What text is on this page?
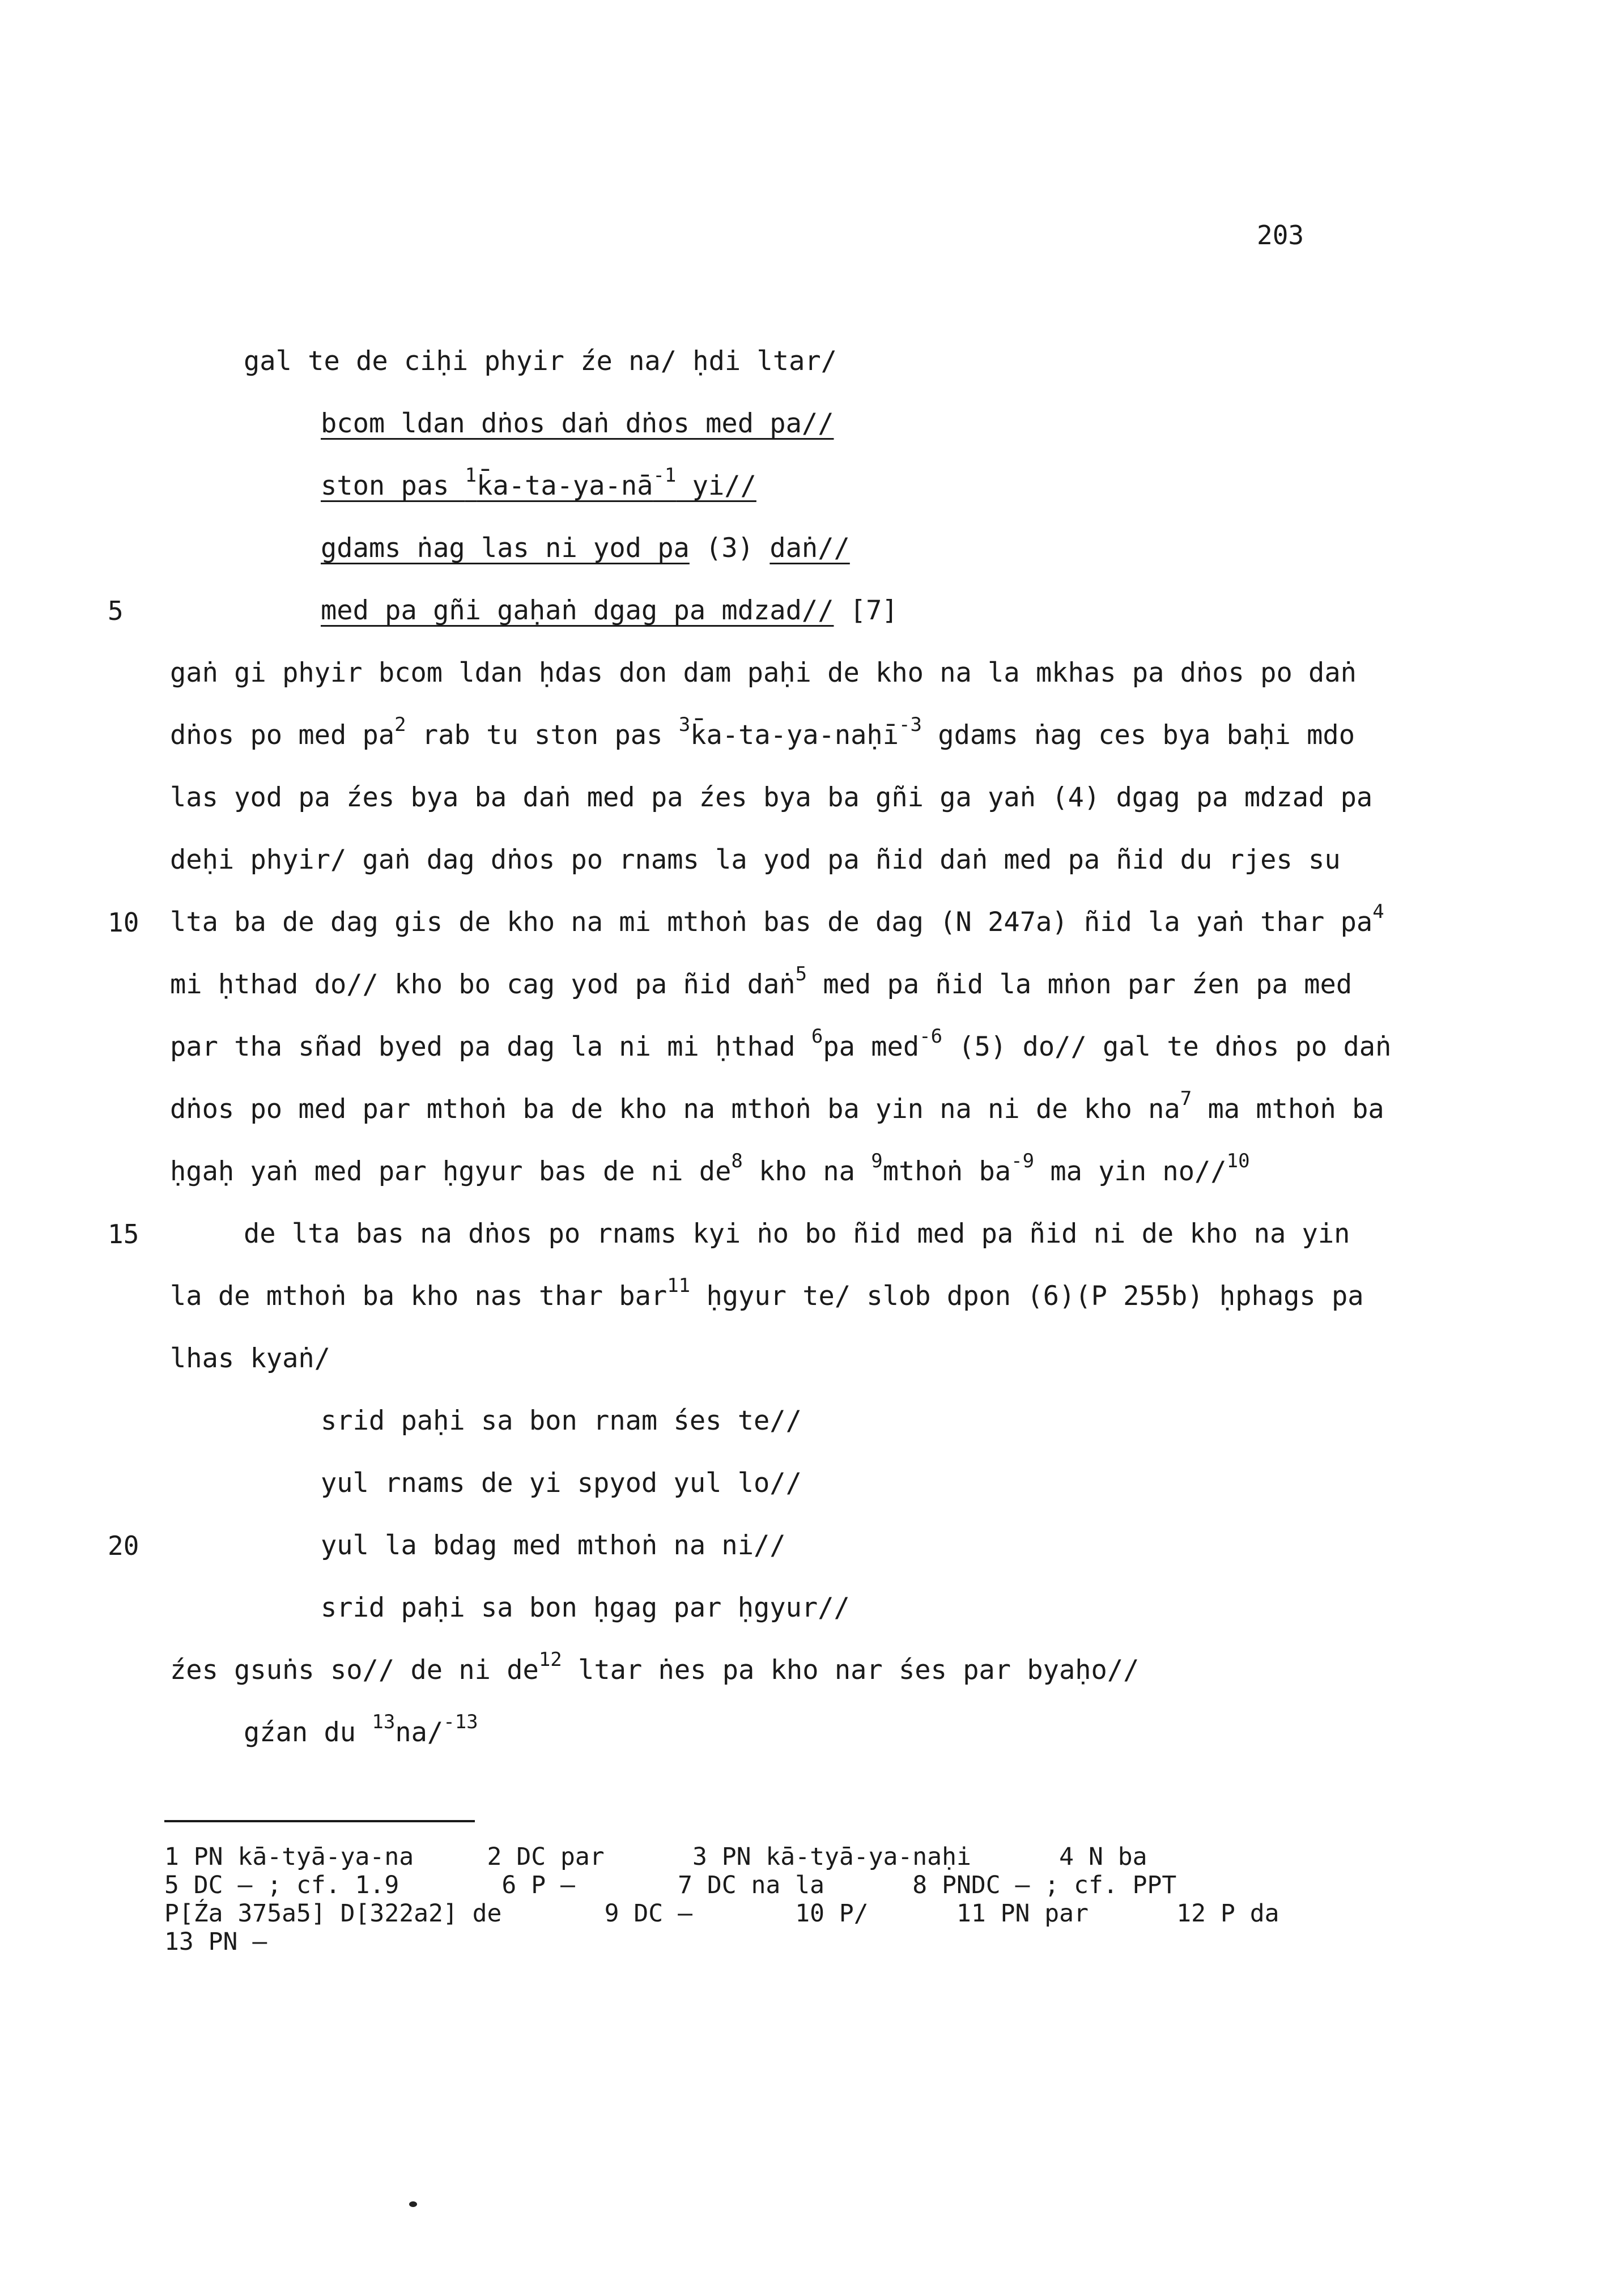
203
gal te de ciḥi phyir źe na/ ḥdi ltar/
bcom ldan dṅos daṅ dṅos med pa//
ston pas $^1k̄a-ta-ya-nā^{-1}$ yi//
gdams ṅag las ni yod pa (3) daṅ//
5	med pa gñi gaḥaṅ dgag pa mdzad// [7]
gaṅ gi phyir bcom ldan ḥdas don dam paḥi de kho na la mkhas pa dṅos po daṅ
dṅos po med $pa^2$ rab tu ston pas $^3$k̄a-ta-ya-naḥī$^{-3}$ gdams ṅag ces bya baḥi mdo
las yod pa źes bya ba daṅ med pa źes bya ba gñi ga yaṅ (4) dgag pa mdzad pa
deḥi phyir/ gaṅ dag dṅos po rnams la yod pa ñid daṅ med pa ñid du rjes su
10 lta ba de dag gis de kho na mi mthoṅ bas de dag (N 247a) ñid la yaṅ thar $pa^4$
mi ḥthad do// kho bo cag yod pa ñid daṅ$^5$ med pa ñid la mṅon par źen pa med
par tha sñad byed pa dag la ni mi ḥthad $^6$pa med$^{-6}$ (5) do// gal te dṅos po daṅ
dṅos po med par mthoṅ ba de kho na mthoṅ ba yin na ni de kho $na^7$ ma mthoṅ ba
ḥgaḥ yaṅ med par ḥgyur bas de ni $de^8$ kho na $^9$mthoṅ $ba^{-9}$ ma yin no//$^{10}$
15	de lta bas na dṅos po rnams kyi ṅo bo ñid med pa ñid ni de kho na yin
la de mthoṅ ba kho nas thar bar$^{11}$ ḥgyur te/ slob dpon (6)(P 255b) ḥphags pa
lhas kyaṅ/
srid paḥi sa bon rnam śes te//
yul rnams de yi spyod yul lo//
20	yul la bdag med mthoṅ na ni//
srid paḥi sa bon ḥgag par ḥgyur//
źes gsuṅs so// de ni $de^{12}$ ltar ṅes pa kho nar śes par byaḥo//
gźan du $^{13}$na/$^{-13}$
1 PN kā-tyā-ya-na     2 DC par      3 PN kā-tyā-ya-naḥi      4 N ba
5 DC — ; cf. 1.9       6 P —       7 DC na la      8 PNDC — ; cf. PPT
P[Źa 375a5] D[322a2] de       9 DC —       10 P/      11 PN par      12 P da
13 PN —
